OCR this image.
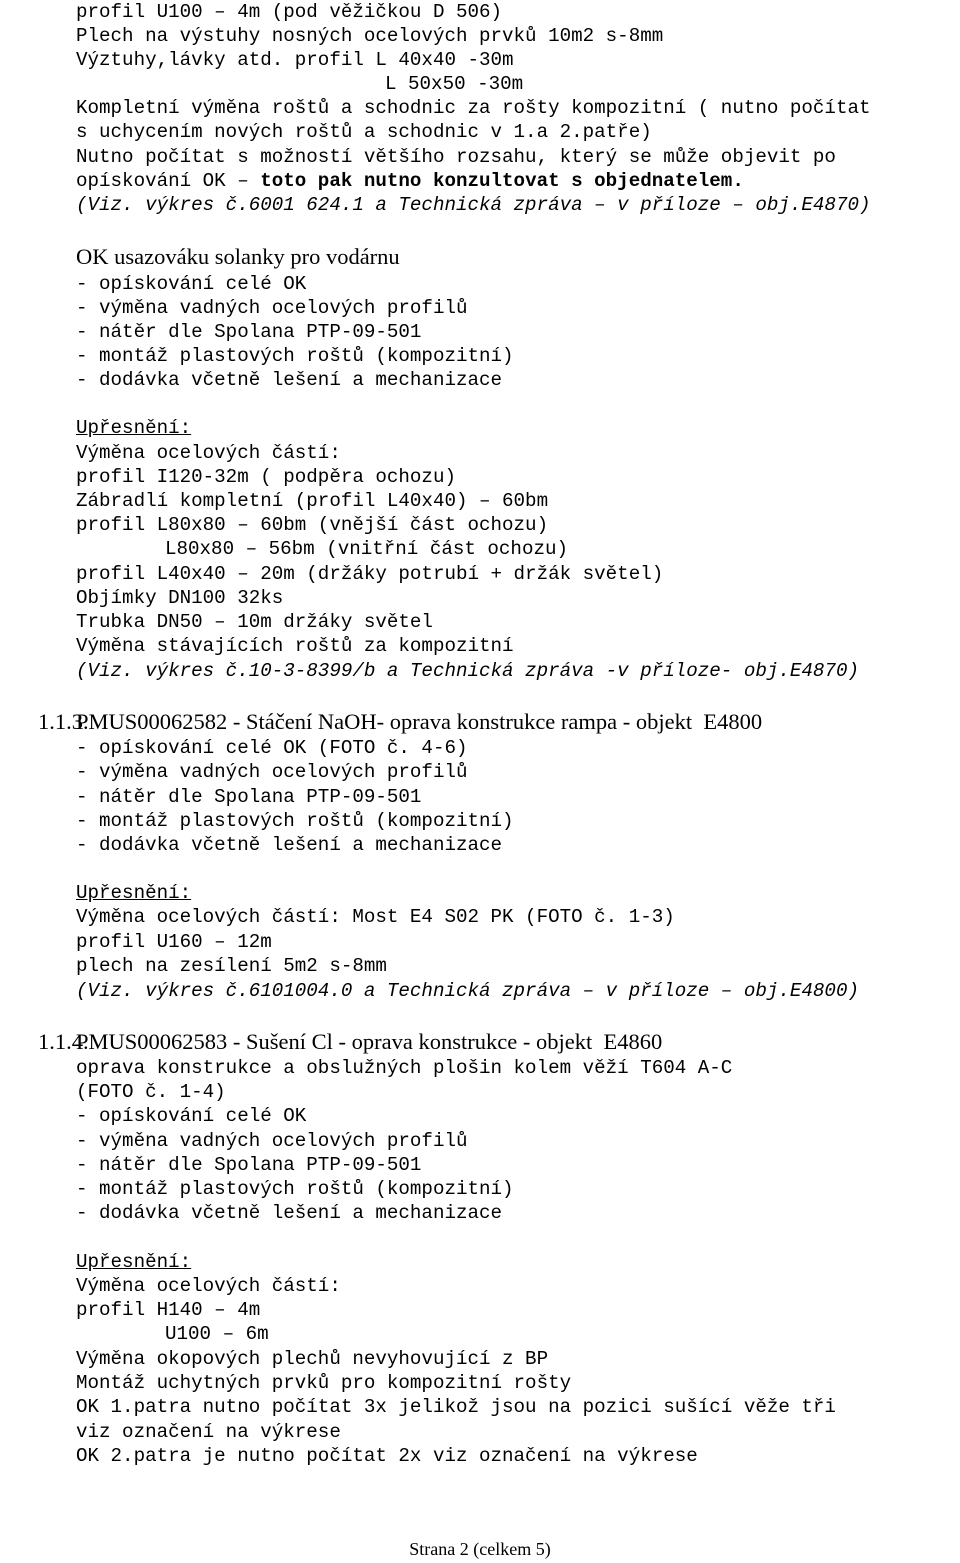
profil U100 – 4m (pod věžičkou D 506)
Plech na výstuhy nosných ocelových prvků 10m2 s-8mm
Výztuhy,lávky atd. profil L 40x40 -30m
L 50x50 -30m
Kompletní výměna roštů a schodnic za rošty kompozitní ( nutno počítat
s uchycením nových roštů a schodnic v 1.a 2.patře)
Nutno počítat s možností většího rozsahu, který se může objevit po
opískování OK – toto pak nutno konzultovat s objednatelem.
(Viz. výkres č.6001 624.1 a Technická zpráva – v příloze – obj.E4870)
OK usazováku solanky pro vodárnu
- opískování celé OK
- výměna vadných ocelových profilů
- nátěr dle Spolana PTP-09-501
- montáž plastových roštů (kompozitní)
- dodávka včetně lešení a mechanizace
Upřesnění:
Výměna ocelových částí:
profil I120-32m ( podpěra ochozu)
Zábradlí kompletní (profil L40x40) – 60bm
profil L80x80 – 60bm (vnější část ochozu)
L80x80 – 56bm (vnitřní část ochozu)
profil L40x40 – 20m (držáky potrubí + držák světel)
Objímky DN100 32ks
Trubka DN50 – 10m držáky světel
Výměna stávajících roštů za kompozitní
(Viz. výkres č.10-3-8399/b a Technická zpráva -v příloze- obj.E4870)
1.1.3.
PMUS00062582 - Stáčení NaOH- oprava konstrukce rampa - objekt  E4800
- opískování celé OK (FOTO č. 4-6)
- výměna vadných ocelových profilů
- nátěr dle Spolana PTP-09-501
- montáž plastových roštů (kompozitní)
- dodávka včetně lešení a mechanizace
Upřesnění:
Výměna ocelových částí: Most E4 S02 PK (FOTO č. 1-3)
profil U160 – 12m
plech na zesílení 5m2 s-8mm
(Viz. výkres č.6101004.0 a Technická zpráva – v příloze – obj.E4800)
1.1.4.
PMUS00062583 - Sušení Cl - oprava konstrukce - objekt  E4860
oprava konstrukce a obslužných plošin kolem věží T604 A-C
(FOTO č. 1-4)
- opískování celé OK
- výměna vadných ocelových profilů
- nátěr dle Spolana PTP-09-501
- montáž plastových roštů (kompozitní)
- dodávka včetně lešení a mechanizace
Upřesnění:
Výměna ocelových částí:
profil H140 – 4m
U100 – 6m
Výměna okopových plechů nevyhovující z BP
Montáž uchytných prvků pro kompozitní rošty
OK 1.patra nutno počítat 3x jelikož jsou na pozici sušící věže tři
viz označení na výkrese
OK 2.patra je nutno počítat 2x viz označení na výkrese
Strana 2 (celkem 5)
